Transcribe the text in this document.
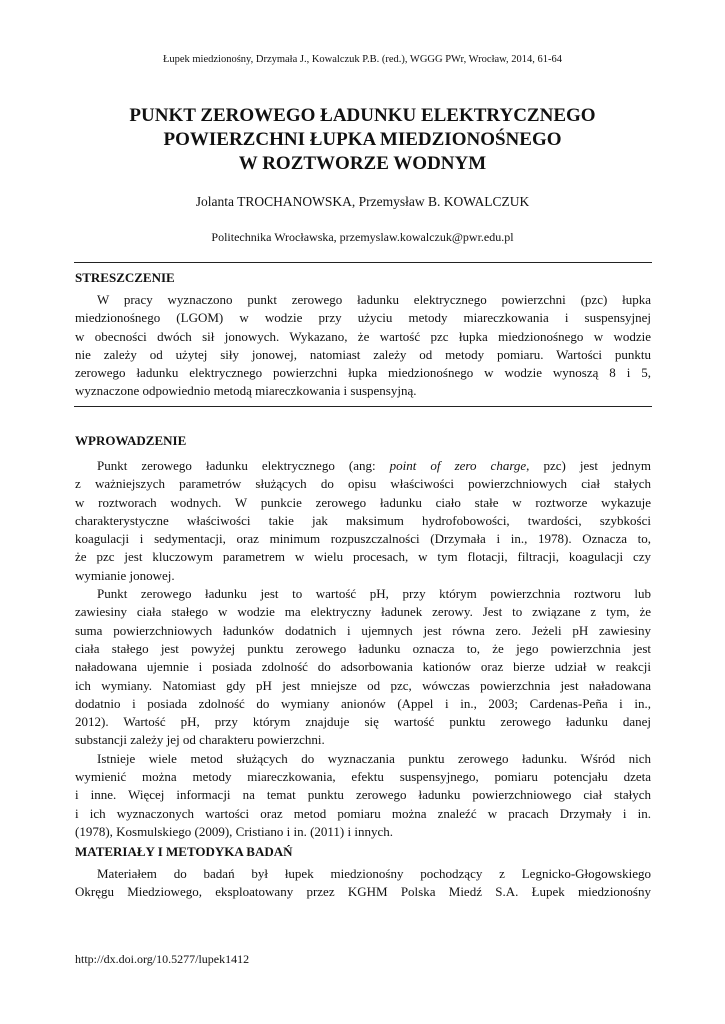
Łupek miedzionośny, Drzymała J., Kowalczuk P.B. (red.), WGGG PWr, Wrocław, 2014, 61-64
PUNKT ZEROWEGO ŁADUNKU ELEKTRYCZNEGO
POWIERZCHNI ŁUPKA MIEDZIONOŚNEGO
W ROZTWORZE WODNYM
Jolanta TROCHANOWSKA, Przemysław B. KOWALCZUK
Politechnika Wrocławska, przemyslaw.kowalczuk@pwr.edu.pl
STRESZCZENIE
W pracy wyznaczono punkt zerowego ładunku elektrycznego powierzchni (pzc) łupka
miedzionośnego (LGOM) w wodzie przy użyciu metody miareczkowania i suspensyjnej
w obecności dwóch sił jonowych. Wykazano, że wartość pzc łupka miedzionośnego w wodzie
nie zależy od użytej siły jonowej, natomiast zależy od metody pomiaru. Wartości punktu
zerowego ładunku elektrycznego powierzchni łupka miedzionośnego w wodzie wynoszą 8 i 5,
wyznaczone odpowiednio metodą miareczkowania i suspensyjną.
WPROWADZENIE
Punkt zerowego ładunku elektrycznego (ang: point of zero charge, pzc) jest jednym
z ważniejszych parametrów służących do opisu właściwości powierzchniowych ciał stałych
w roztworach wodnych. W punkcie zerowego ładunku ciało stałe w roztworze wykazuje
charakterystyczne właściwości takie jak maksimum hydrofobowości, twardości, szybkości
koagulacji i sedymentacji, oraz minimum rozpuszczalności (Drzymała i in., 1978). Oznacza to,
że pzc jest kluczowym parametrem w wielu procesach, w tym flotacji, filtracji, koagulacji czy
wymianie jonowej.
Punkt zerowego ładunku jest to wartość pH, przy którym powierzchnia roztworu lub
zawiesiny ciała stałego w wodzie ma elektryczny ładunek zerowy. Jest to związane z tym, że
suma powierzchniowych ładunków dodatnich i ujemnych jest równa zero. Jeżeli pH zawiesiny
ciała stałego jest powyżej punktu zerowego ładunku oznacza to, że jego powierzchnia jest
naładowana ujemnie i posiada zdolność do adsorbowania kationów oraz bierze udział w reakcji
ich wymiany. Natomiast gdy pH jest mniejsze od pzc, wówczas powierzchnia jest naładowana
dodatnio i posiada zdolność do wymiany anionów (Appel i in., 2003; Cardenas-Peña i in.,
2012). Wartość pH, przy którym znajduje się wartość punktu zerowego ładunku danej
substancji zależy jej od charakteru powierzchni.
Istnieje wiele metod służących do wyznaczania punktu zerowego ładunku. Wśród nich
wymienić można metody miareczkowania, efektu suspensyjnego, pomiaru potencjału dzeta
i inne. Więcej informacji na temat punktu zerowego ładunku powierzchniowego ciał stałych
i ich wyznaczonych wartości oraz metod pomiaru można znaleźć w pracach Drzymały i in.
(1978), Kosmulskiego (2009), Cristiano i in. (2011) i innych.
MATERIAŁY I METODYKA BADAŃ
Materiałem do badań był łupek miedzionośny pochodzący z Legnicko-Głogowskiego
Okręgu Miedziowego, eksploatowany przez KGHM Polska Miedź S.A. Łupek miedzionośny
http://dx.doi.org/10.5277/lupek1412
